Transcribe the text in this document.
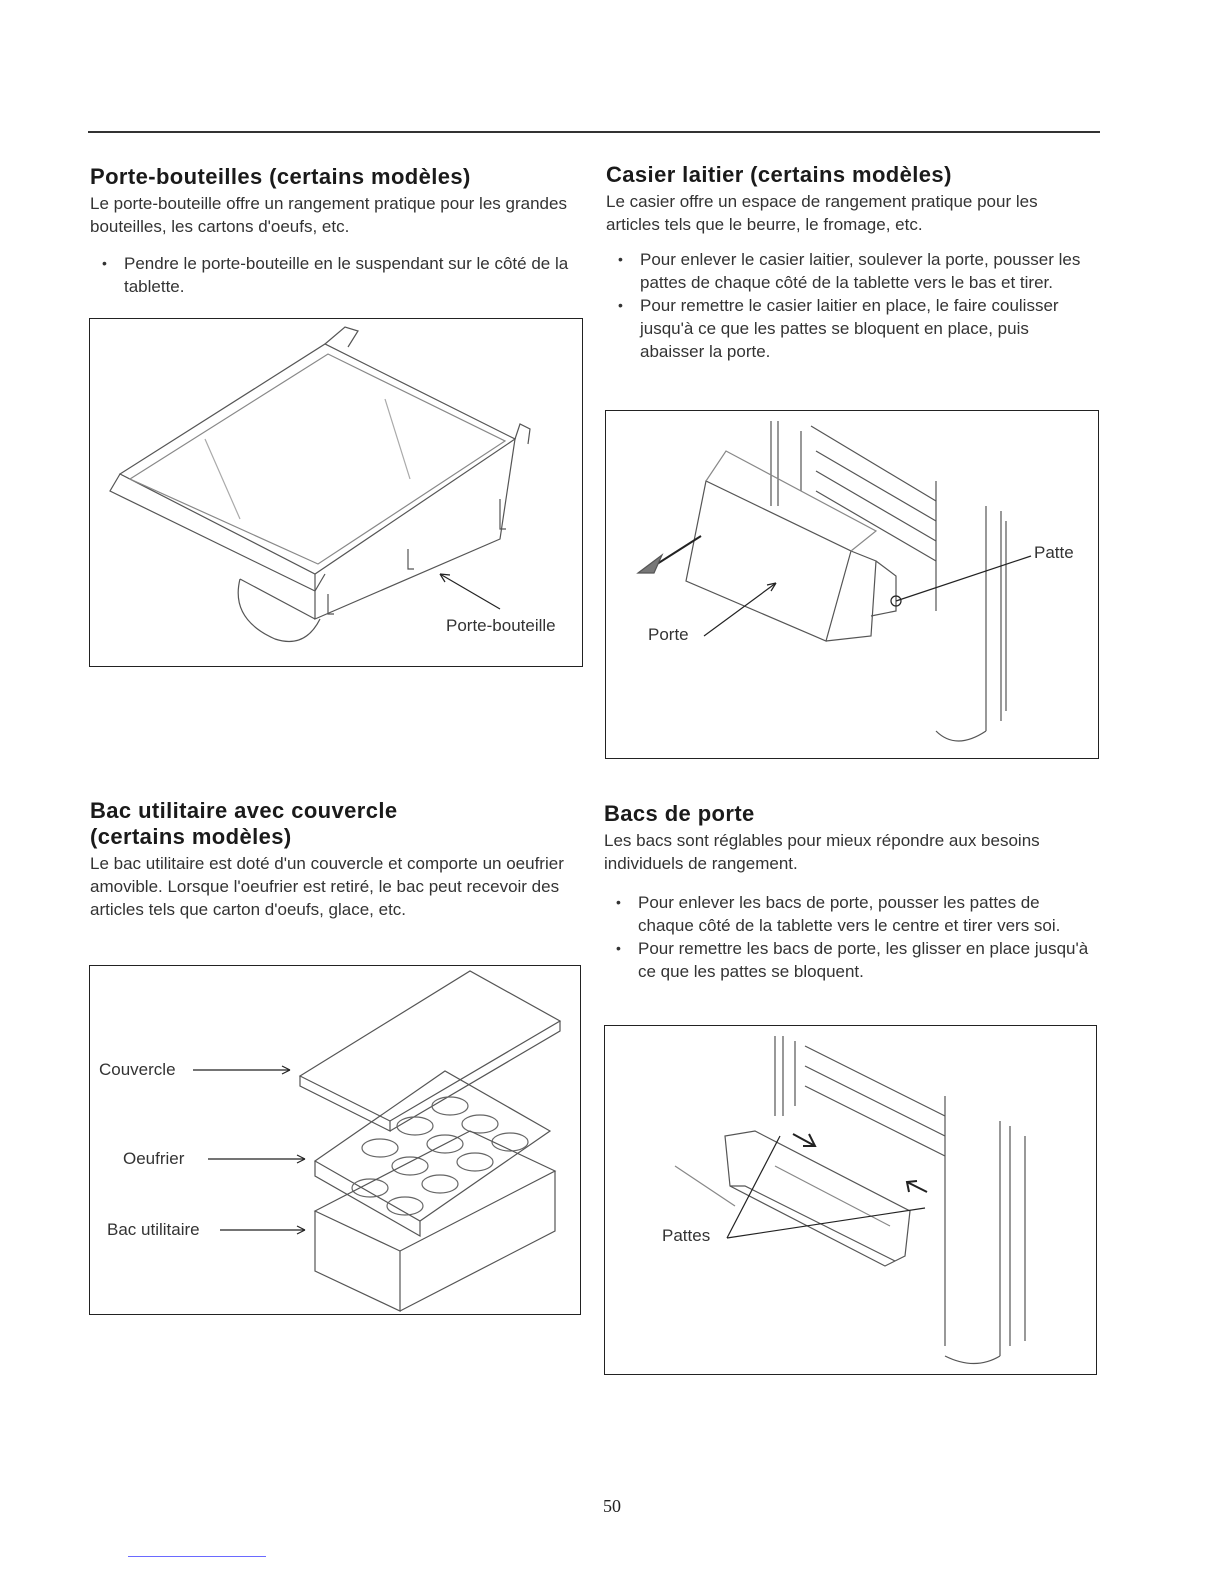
Porte-bouteilles (certains modèles)

Le porte-bouteille offre un rangement pratique pour les grandes bouteilles, les cartons d'oeufs, etc.

• Pendre le porte-bouteille en le suspendant sur le côté de la tablette.
Porte-bouteille
Casier laitier (certains modèles)

Le casier offre un espace de rangement pratique pour les articles tels que le beurre, le fromage, etc.

• Pour enlever le casier laitier, soulever la porte, pousser les pattes de chaque côté de la tablette vers le bas et tirer.
• Pour remettre le casier laitier en place, le faire coulisser jusqu'à ce que les pattes se bloquent en place, puis abaisser la porte.
Patte
Porte
Bac utilitaire avec couvercle
(certains modèles)

Le bac utilitaire est doté d'un couvercle et comporte un oeufrier amovible. Lorsque l'oeufrier est retiré, le bac peut recevoir des articles tels que carton d'oeufs, glace, etc.

Couvercle
Oeufrier
Bac utilitaire
Bacs de porte

Les bacs sont réglables pour mieux répondre aux besoins individuels de rangement.

• Pour enlever les bacs de porte, pousser les pattes de chaque côté de la tablette vers le centre et tirer vers soi.
• Pour remettre les bacs de porte, les glisser en place jusqu'à ce que les pattes se bloquent.
Pattes
50
